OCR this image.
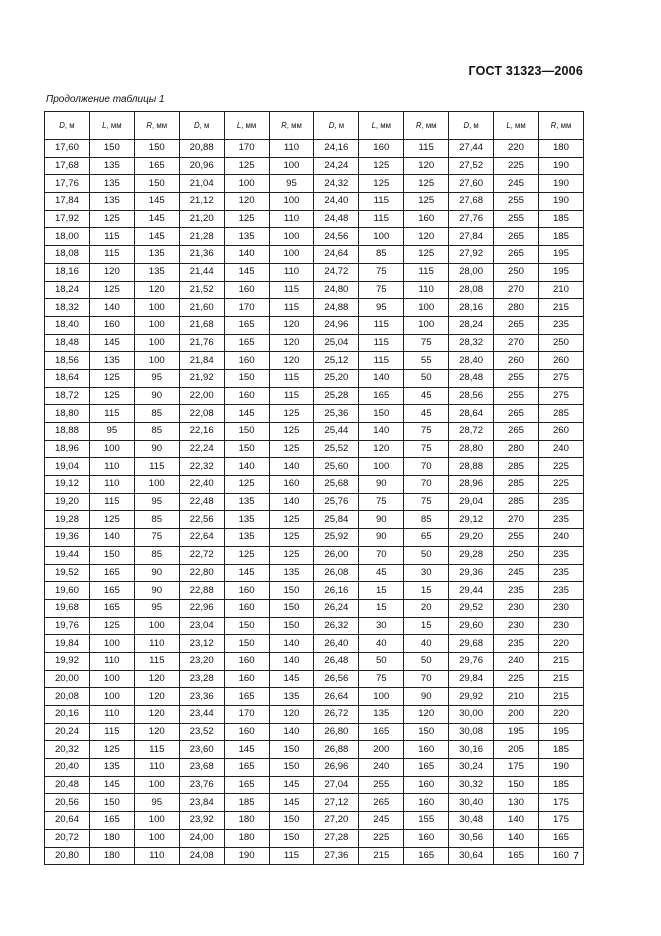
ГОСТ 31323—2006
Продолжение таблицы 1
D, м	L, мм	R, мм	D, м	L, мм	R, мм	D, м	L, мм	R, мм	D, м	L, мм	R, мм
17,60	150	150	20,88	170	110	24,16	160	115	27,44	220	180
17,68	135	165	20,96	125	100	24,24	125	120	27,52	225	190
17,76	135	150	21,04	100	95	24,32	125	125	27,60	245	190
17,84	135	145	21,12	120	100	24,40	115	125	27,68	255	190
17,92	125	145	21,20	125	110	24,48	115	160	27,76	255	185
18,00	115	145	21,28	135	100	24,56	100	120	27,84	265	185
18,08	115	135	21,36	140	100	24,64	85	125	27,92	265	195
18,16	120	135	21,44	145	110	24,72	75	115	28,00	250	195
18,24	125	120	21,52	160	115	24,80	75	110	28,08	270	210
18,32	140	100	21,60	170	115	24,88	95	100	28,16	280	215
18,40	160	100	21,68	165	120	24,96	115	100	28,24	265	235
18,48	145	100	21,76	165	120	25,04	115	75	28,32	270	250
18,56	135	100	21,84	160	120	25,12	115	55	28,40	260	260
18,64	125	95	21,92	150	115	25,20	140	50	28,48	255	275
18,72	125	90	22,00	160	115	25,28	165	45	28,56	255	275
18,80	115	85	22,08	145	125	25,36	150	45	28,64	265	285
18,88	95	85	22,16	150	125	25,44	140	75	28,72	265	260
18,96	100	90	22,24	150	125	25,52	120	75	28,80	280	240
19,04	110	115	22,32	140	140	25,60	100	70	28,88	285	225
19,12	110	100	22,40	125	160	25,68	90	70	28,96	285	225
19,20	115	95	22,48	135	140	25,76	75	75	29,04	285	235
19,28	125	85	22,56	135	125	25,84	90	85	29,12	270	235
19,36	140	75	22,64	135	125	25,92	90	65	29,20	255	240
19,44	150	85	22,72	125	125	26,00	70	50	29,28	250	235
19,52	165	90	22,80	145	135	26,08	45	30	29,36	245	235
19,60	165	90	22,88	160	150	26,16	15	15	29,44	235	235
19,68	165	95	22,96	160	150	26,24	15	20	29,52	230	230
19,76	125	100	23,04	150	150	26,32	30	15	29,60	230	230
19,84	100	110	23,12	150	140	26,40	40	40	29,68	235	220
19,92	110	115	23,20	160	140	26,48	50	50	29,76	240	215
20,00	100	120	23,28	160	145	26,56	75	70	29,84	225	215
20,08	100	120	23,36	165	135	26,64	100	90	29,92	210	215
20,16	110	120	23,44	170	120	26,72	135	120	30,00	200	220
20,24	115	120	23,52	160	140	26,80	165	150	30,08	195	195
20,32	125	115	23,60	145	150	26,88	200	160	30,16	205	185
20,40	135	110	23,68	165	150	26,96	240	165	30,24	175	190
20,48	145	100	23,76	165	145	27,04	255	160	30,32	150	185
20,56	150	95	23,84	185	145	27,12	265	160	30,40	130	175
20,64	165	100	23,92	180	150	27,20	245	155	30,48	140	175
20,72	180	100	24,00	180	150	27,28	225	160	30,56	140	165
20,80	180	110	24,08	190	115	27,36	215	165	30,64	165	160 7
